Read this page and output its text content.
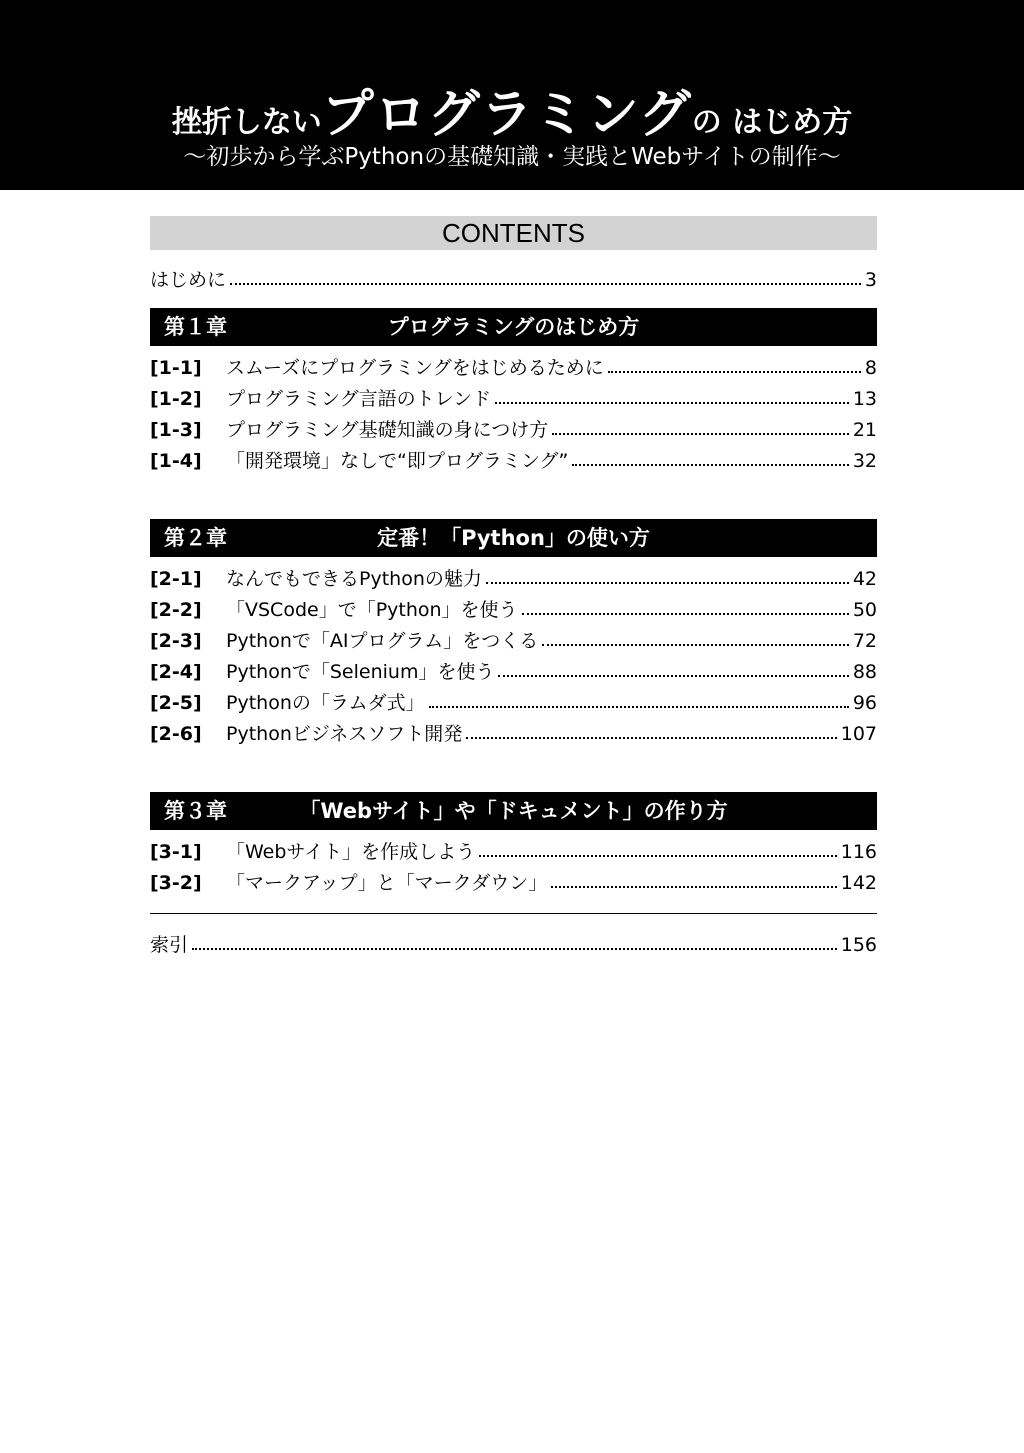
挫折しないプログラミングの はじめ方
〜初歩から学ぶPythonの基礎知識・実践とWebサイトの制作〜
CONTENTS
はじめに	3
第１章	プログラミングのはじめ方
[1-1]	スムーズにプログラミングをはじめるために	8
[1-2]	プログラミング言語のトレンド	13
[1-3]	プログラミング基礎知識の身につけ方	21
[1-4]	「開発環境」なしで“即プログラミング”	32
第２章	定番！「Python」の使い方
[2-1]	なんでもできるPythonの魅力	42
[2-2]	「VSCode」で「Python」を使う	50
[2-3]	Pythonで「AIプログラム」をつくる	72
[2-4]	Pythonで「Selenium」を使う	88
[2-5]	Pythonの「ラムダ式」	96
[2-6]	Pythonビジネスソフト開発	107
第３章	「Webサイト」や「ドキュメント」の作り方
[3-1]	「Webサイト」を作成しよう	116
[3-2]	「マークアップ」と「マークダウン」	142
索引	156
